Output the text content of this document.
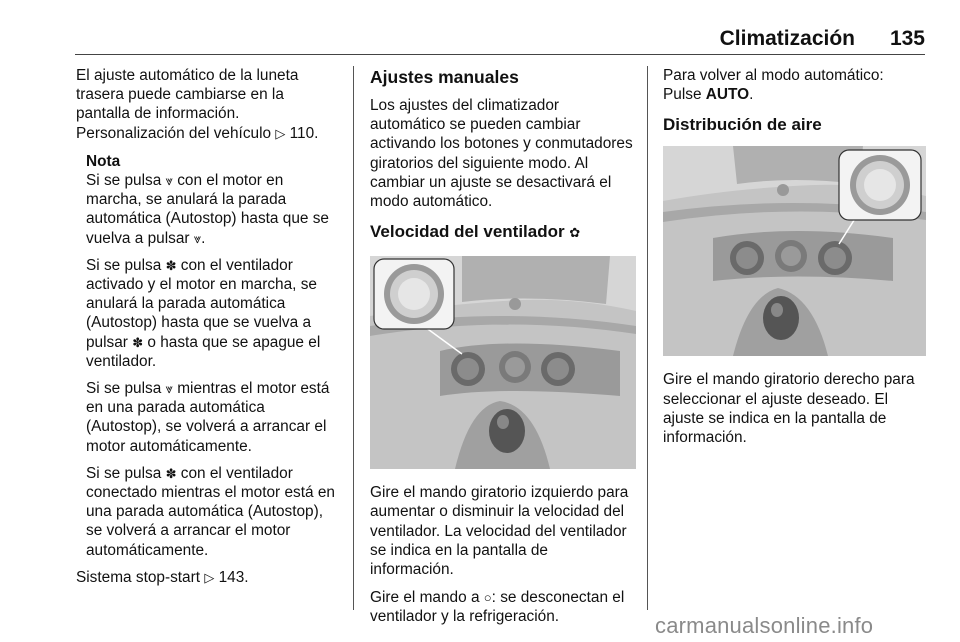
Climatización 135

El ajuste automático de la luneta trasera puede cambiarse en la pantalla de información. Personalización del vehículo ▷ 110.

Nota

Si se pulsa ⩔ con el motor en marcha, se anulará la parada automática (Autostop) hasta que se vuelva a pulsar ⩔.

Si se pulsa ✽ con el ventilador activado y el motor en marcha, se anulará la parada automática (Autostop) hasta que se vuelva a pulsar ✽ o hasta que se apague el ventilador.

Si se pulsa ⩔ mientras el motor está en una parada automática (Autostop), se volverá a arrancar el motor automáticamente.

Si se pulsa ✽ con el ventilador conectado mientras el motor está en una parada automática (Autostop), se volverá a arrancar el motor automáticamente.

Sistema stop-start ▷ 143.

Ajustes manuales

Los ajustes del climatizador automático se pueden cambiar activando los botones y conmutadores giratorios del siguiente modo. Al cambiar un ajuste se desactivará el modo automático.

Velocidad del ventilador ✿

Gire el mando giratorio izquierdo para aumentar o disminuir la velocidad del ventilador. La velocidad del ventilador se indica en la pantalla de información.

Gire el mando a ○: se desconectan el ventilador y la refrigeración.

Para volver al modo automático:
Pulse AUTO.

Distribución de aire

Gire el mando giratorio derecho para seleccionar el ajuste deseado. El ajuste se indica en la pantalla de información.

carmanualsonline.info
